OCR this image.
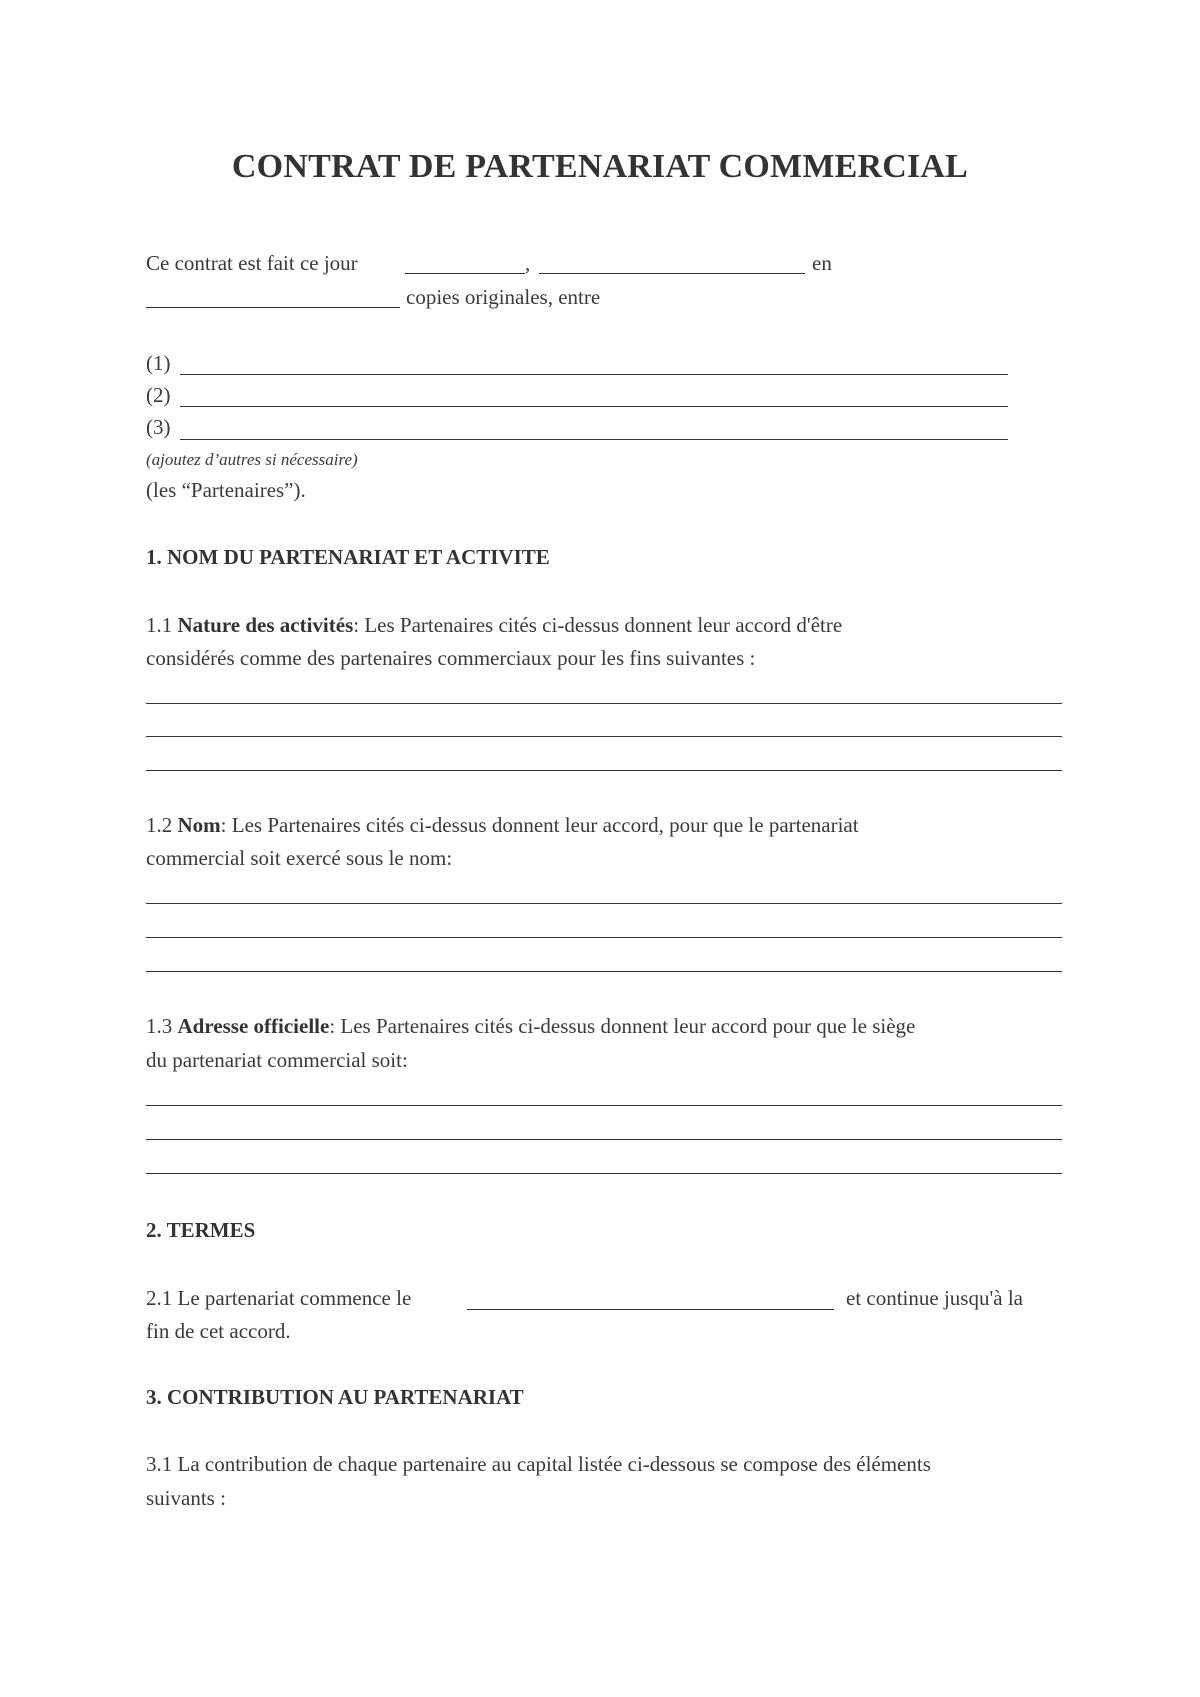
CONTRAT DE PARTENARIAT COMMERCIAL
Ce contrat est fait ce jour	,	en
copies originales, entre
(1)
(2)
(3)
(ajoutez d’autres si nécessaire)
(les “Partenaires”).
1. NOM DU PARTENARIAT ET ACTIVITE
1.1 Nature des activités: Les Partenaires cités ci-dessus donnent leur accord d'être
considérés comme des partenaires commerciaux pour les fins suivantes :
1.2 Nom: Les Partenaires cités ci-dessus donnent leur accord, pour que le partenariat
commercial soit exercé sous le nom:
1.3 Adresse officielle: Les Partenaires cités ci-dessus donnent leur accord pour que le siège
du partenariat commercial soit:
2. TERMES
2.1 Le partenariat commence le	et continue jusqu'à la
fin de cet accord.
3. CONTRIBUTION AU PARTENARIAT
3.1 La contribution de chaque partenaire au capital listée ci-dessous se compose des éléments
suivants :
